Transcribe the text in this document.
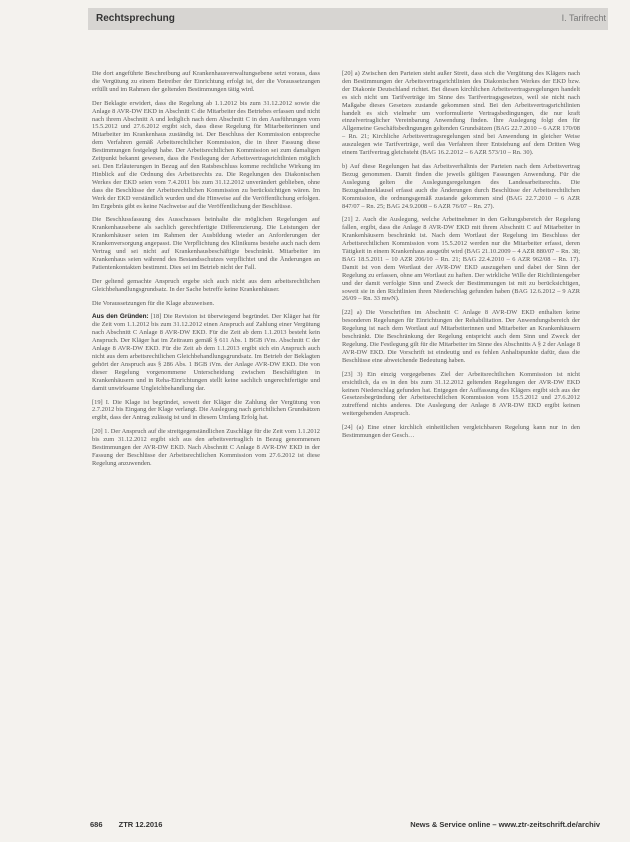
Rechtsprechung	I. Tarifrecht

Die dort angeführte Beschreibung auf Krankenhausverwaltungsebene setzt voraus, dass die Vergütung zu einem Betreiber der Einrichtung erfolgt ist, der die Voraussetzungen erfüllt und im Rahmen der geltenden Bestimmungen tätig wird.

Der Beklagte erwidert, dass die Regelung ab 1.1.2012 bis zum 31.12.2012 sowie die Anlage 8 AVR-DW EKD in Abschnitt C die Mitarbeiter des Betriebes erfassen und nicht nach ihrem Abschnitt A und lediglich nach dem Abschnitt C in den Ausführungen vom 15.5.2012 und 27.6.2012 ergibt sich, dass diese Regelung für Mitarbeiterinnen und Mitarbeiter im Krankenhaus zuständig ist. Der Beschluss der Kommission entspreche dem Verfahren gemäß Arbeitsrechtlicher Kommission, die in ihrer Fassung diese Bestimmungen festgelegt habe. Der Arbeitsrechtlichen Kommission sei zum damaligen Zeitpunkt bekannt gewesen, dass die Festlegung der Arbeitsvertragsrichtlinien möglich sei. Den Erläuterungen in Bezug auf den Ratsbeschluss komme rechtliche Wirkung im Hinblick auf die Ordnung des Arbeitsrechts zu. Die Regelungen des Diakonischen Werkes der EKD seien vom 7.4.2011 bis zum 31.12.2012 unverändert geblieben, ohne dass die Beschlüsse der Arbeitsrechtlichen Kommission zu berücksichtigen wären. Im Werk der EKD verständlich wurden und die Hinweise auf die Veröffentlichung erfolgen. Im Ergebnis gibt es keine Nachweise auf die Veröffentlichung der Beschlüsse.

Die Beschlussfassung des Ausschusses beinhalte die möglichen Regelungen auf Krankenhausebene als sachlich gerechtfertigte Differenzierung. Die Leistungen der Krankenhäuser seien im Rahmen der Ausbildung wieder an Anforderungen der Krankenversorgung angepasst. Die Verpflichtung des Klinikums bestehe auch nach dem Vertrag und sei nicht auf Krankenhausbeschäftigte beschränkt. Mitarbeiter im Krankenhaus seien während des Bestandsschutzes verpflichtet und die Änderungen an Patientenkontakten bestimmt. Dies sei im Betrieb nicht der Fall.

Der geltend gemachte Anspruch ergebe sich auch nicht aus dem arbeitsrechtlichen Gleichbehandlungsgrundsatz. In der Sache betreffe keine Krankenhäuser.

Die Voraussetzungen für die Klage abzuweisen.

Aus den Gründen: [18] Die Revision ist überwiegend begründet. Der Kläger hat für die Zeit vom 1.1.2012 bis zum 31.12.2012 einen Anspruch auf Zahlung einer Vergütung nach Abschnitt C Anlage 8 AVR-DW EKD. Für die Zeit ab dem 1.1.2013 besteht kein Anspruch. Der Kläger hat im Zeitraum gemäß § 611 Abs. 1 BGB iVm. Abschnitt C der Anlage 8 AVR-DW EKD. Für die Zeit ab dem 1.1.2013 ergibt sich ein Anspruch auch nicht aus dem arbeitsrechtlichen Gleichbehandlungsgrundsatz. Im Betrieb der Beklagten gehört der Anspruch aus § 286 Abs. 1 BGB iVm. der Anlage AVR-DW EKD. Die von dieser Regelung vorgenommene Unterscheidung zwischen Beschäftigten in Krankenhäusern und in Reha-Einrichtungen stellt keine sachlich ungerechtfertigte und damit unwirksame Ungleichbehandlung dar.

[19] I. Die Klage ist begründet, soweit der Kläger die Zahlung der Vergütung von 2.7.2012 bis Eingang der Klage verlangt. Die Auslegung nach gerichtlichen Grundsätzen ergibt, dass der Antrag zulässig ist und in diesem Umfang Erfolg hat.

[20] 1. Der Anspruch auf die streitgegenständlichen Zuschläge für die Zeit vom 1.1.2012 bis zum 31.12.2012 ergibt sich aus den arbeitsvertraglich in Bezug genommenen Bestimmungen der AVR-DW EKD. Nach Abschnitt C Anlage 8 AVR-DW EKD in der Fassung der Beschlüsse der Arbeitsrechtlichen Kommission vom 27.6.2012 ist diese Regelung anzuwenden.

[20] a) Zwischen den Parteien steht außer Streit, dass sich die Vergütung des Klägers nach den Bestimmungen der Arbeitsvertragsrichtlinien des Diakonischen Werkes der EKD bzw. der Diakonie Deutschland richtet. Bei diesen kirchlichen Arbeitsvertragsregelungen handelt es sich nicht um Tarifverträge im Sinne des Tarifvertragsgesetzes, weil sie nicht nach Maßgabe dieses Gesetzes zustande gekommen sind. Bei den Arbeitsvertragsrichtlinien handelt es sich vielmehr um vorformulierte Vertragsbedingungen, die nur kraft einzelvertraglicher Vereinbarung Anwendung finden. Ihre Auslegung folgt den für Allgemeine Geschäftsbedingungen geltenden Grundsätzen (BAG 22.7.2010 – 6 AZR 170/08 – Rn. 21; Kirchliche Arbeitsvertragsregelungen sind bei Anwendung in gleicher Weise auszulegen wie Tarifverträge, weil das Verfahren ihrer Entstehung auf dem Dritten Weg einem Tarifvertrag gleichsteht (BAG 16.2.2012 – 6 AZR 573/10 – Rn. 30).

b) Auf diese Regelungen hat das Arbeitsverhältnis der Parteien nach dem Arbeitsvertrag Bezug genommen. Damit finden die jeweils gültigen Fassungen Anwendung. Für die Auslegung gelten die Auslegungsregelungen des Landesarbeitsrechts. Die Bezugnahmeklausel erfasst auch die Änderungen durch Beschlüsse der Arbeitsrechtlichen Kommission, die ordnungsgemäß zustande gekommen sind (BAG 22.7.2010 – 6 AZR 847/07 – Rn. 25; BAG 24.9.2008 – 6 AZR 76/07 – Rn. 27).

[21] 2. Auch die Auslegung, welche Arbeitnehmer in den Geltungsbereich der Regelung fallen, ergibt, dass die Anlage 8 AVR-DW EKD mit ihrem Abschnitt C auf Mitarbeiter in Krankenhäusern beschränkt ist. Nach dem Wortlaut der Regelung im Beschluss der Arbeitsrechtlichen Kommission vom 15.5.2012 werden nur die Mitarbeiter erfasst, deren Tätigkeit in einem Krankenhaus ausgeübt wird (BAG 21.10.2009 – 4 AZR 880/07 – Rn. 38; BAG 18.5.2011 – 10 AZR 206/10 – Rn. 21; BAG 22.4.2010 – 6 AZR 962/08 – Rn. 17). Damit ist von dem Wortlaut der AVR-DW EKD auszugehen und dabei der Sinn der Regelung zu erfassen, ohne am Wortlaut zu haften. Der wirkliche Wille der Richtliniengeber und der damit verfolgte Sinn und Zweck der Bestimmungen ist mit zu berücksichtigen, soweit sie in den Richtlinien ihren Niederschlag gefunden haben (BAG 12.6.2012 – 9 AZR 26/09 – Rn. 33 mwN).

[22] a) Die Vorschriften im Abschnitt C Anlage 8 AVR-DW EKD enthalten keine besonderen Regelungen für Einrichtungen der Rehabilitation. Der Anwendungsbereich der Regelung ist nach dem Wortlaut auf Mitarbeiterinnen und Mitarbeiter an Krankenhäusern beschränkt. Die Beschränkung der Regelung entspricht auch dem Sinn und Zweck der Regelung. Die Festlegung gilt für die Mitarbeiter im Sinne des Abschnitts A § 2 der Anlage 8 AVR-DW EKD. Die Vorschrift ist eindeutig und es fehlen Anhaltspunkte dafür, dass die Beschlüsse eine abweichende Bedeutung haben.

[23] 3) Ein einzig vorgegebenes Ziel der Arbeitsrechtlichen Kommission ist nicht ersichtlich, da es in den bis zum 31.12.2012 geltenden Regelungen der AVR-DW EKD keinen Niederschlag gefunden hat. Entgegen der Auffassung des Klägers ergibt sich aus der Gesetzesbegründung der Arbeitsrechtlichen Kommission vom 15.5.2012 und 27.6.2012 zutreffend nichts anderes. Die Auslegung der Anlage 8 AVR-DW EKD ergibt keinen weitergehenden Anspruch.

[24] (a) Eine einer kirchlich einheitlichen vergleichbaren Regelung kann nur in den Bestimmungen der Gesch…

686 ZTR 12.2016	News & Service online – www.ztr-zeitschrift.de/archiv
